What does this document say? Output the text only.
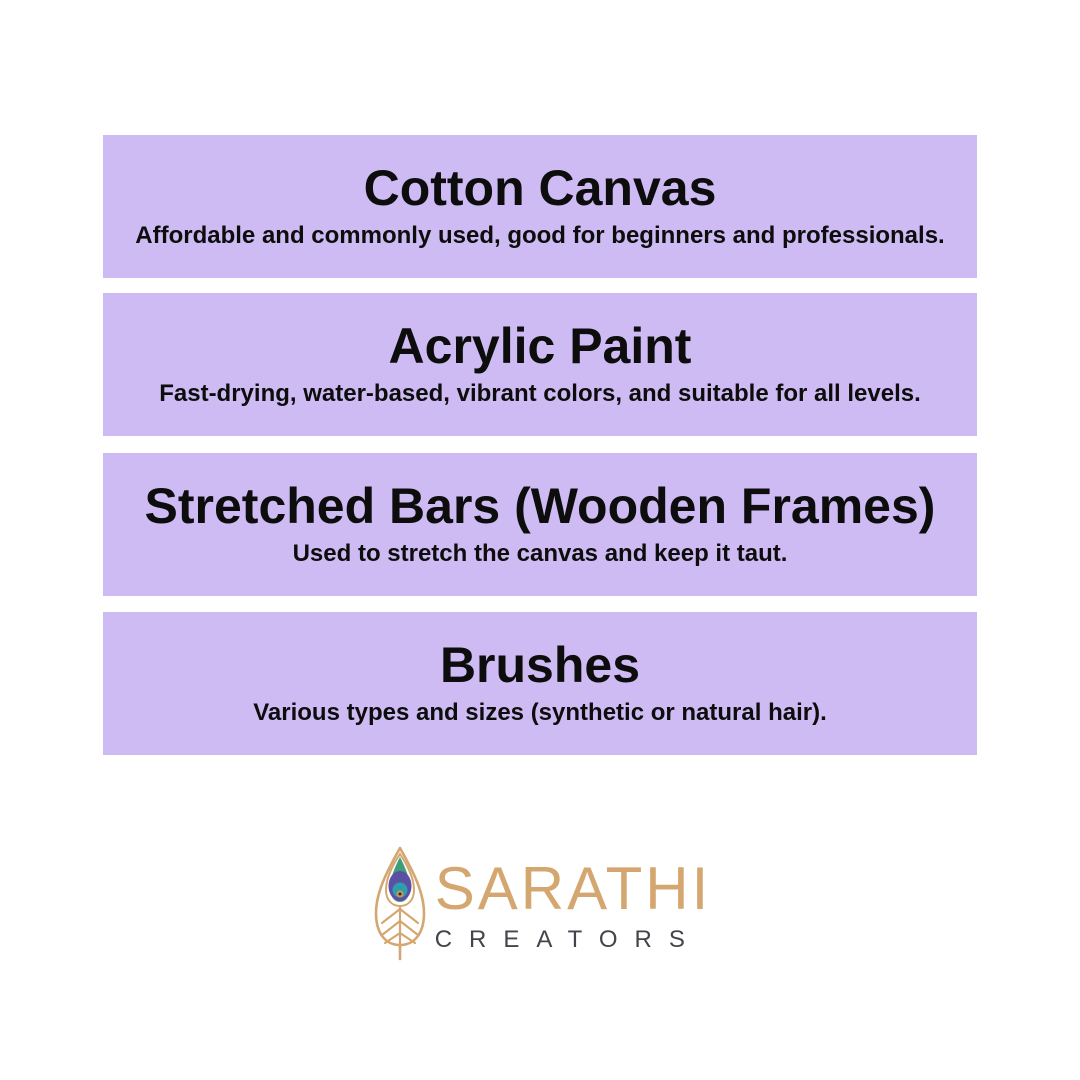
Cotton Canvas

Affordable and commonly used, good for beginners and professionals.

Acrylic Paint

Fast-drying, water-based, vibrant colors, and suitable for all levels.

Stretched Bars (Wooden Frames)

Used to stretch the canvas and keep it taut.

Brushes

Various types and sizes (synthetic or natural hair).

SARATHI
CREATORS
